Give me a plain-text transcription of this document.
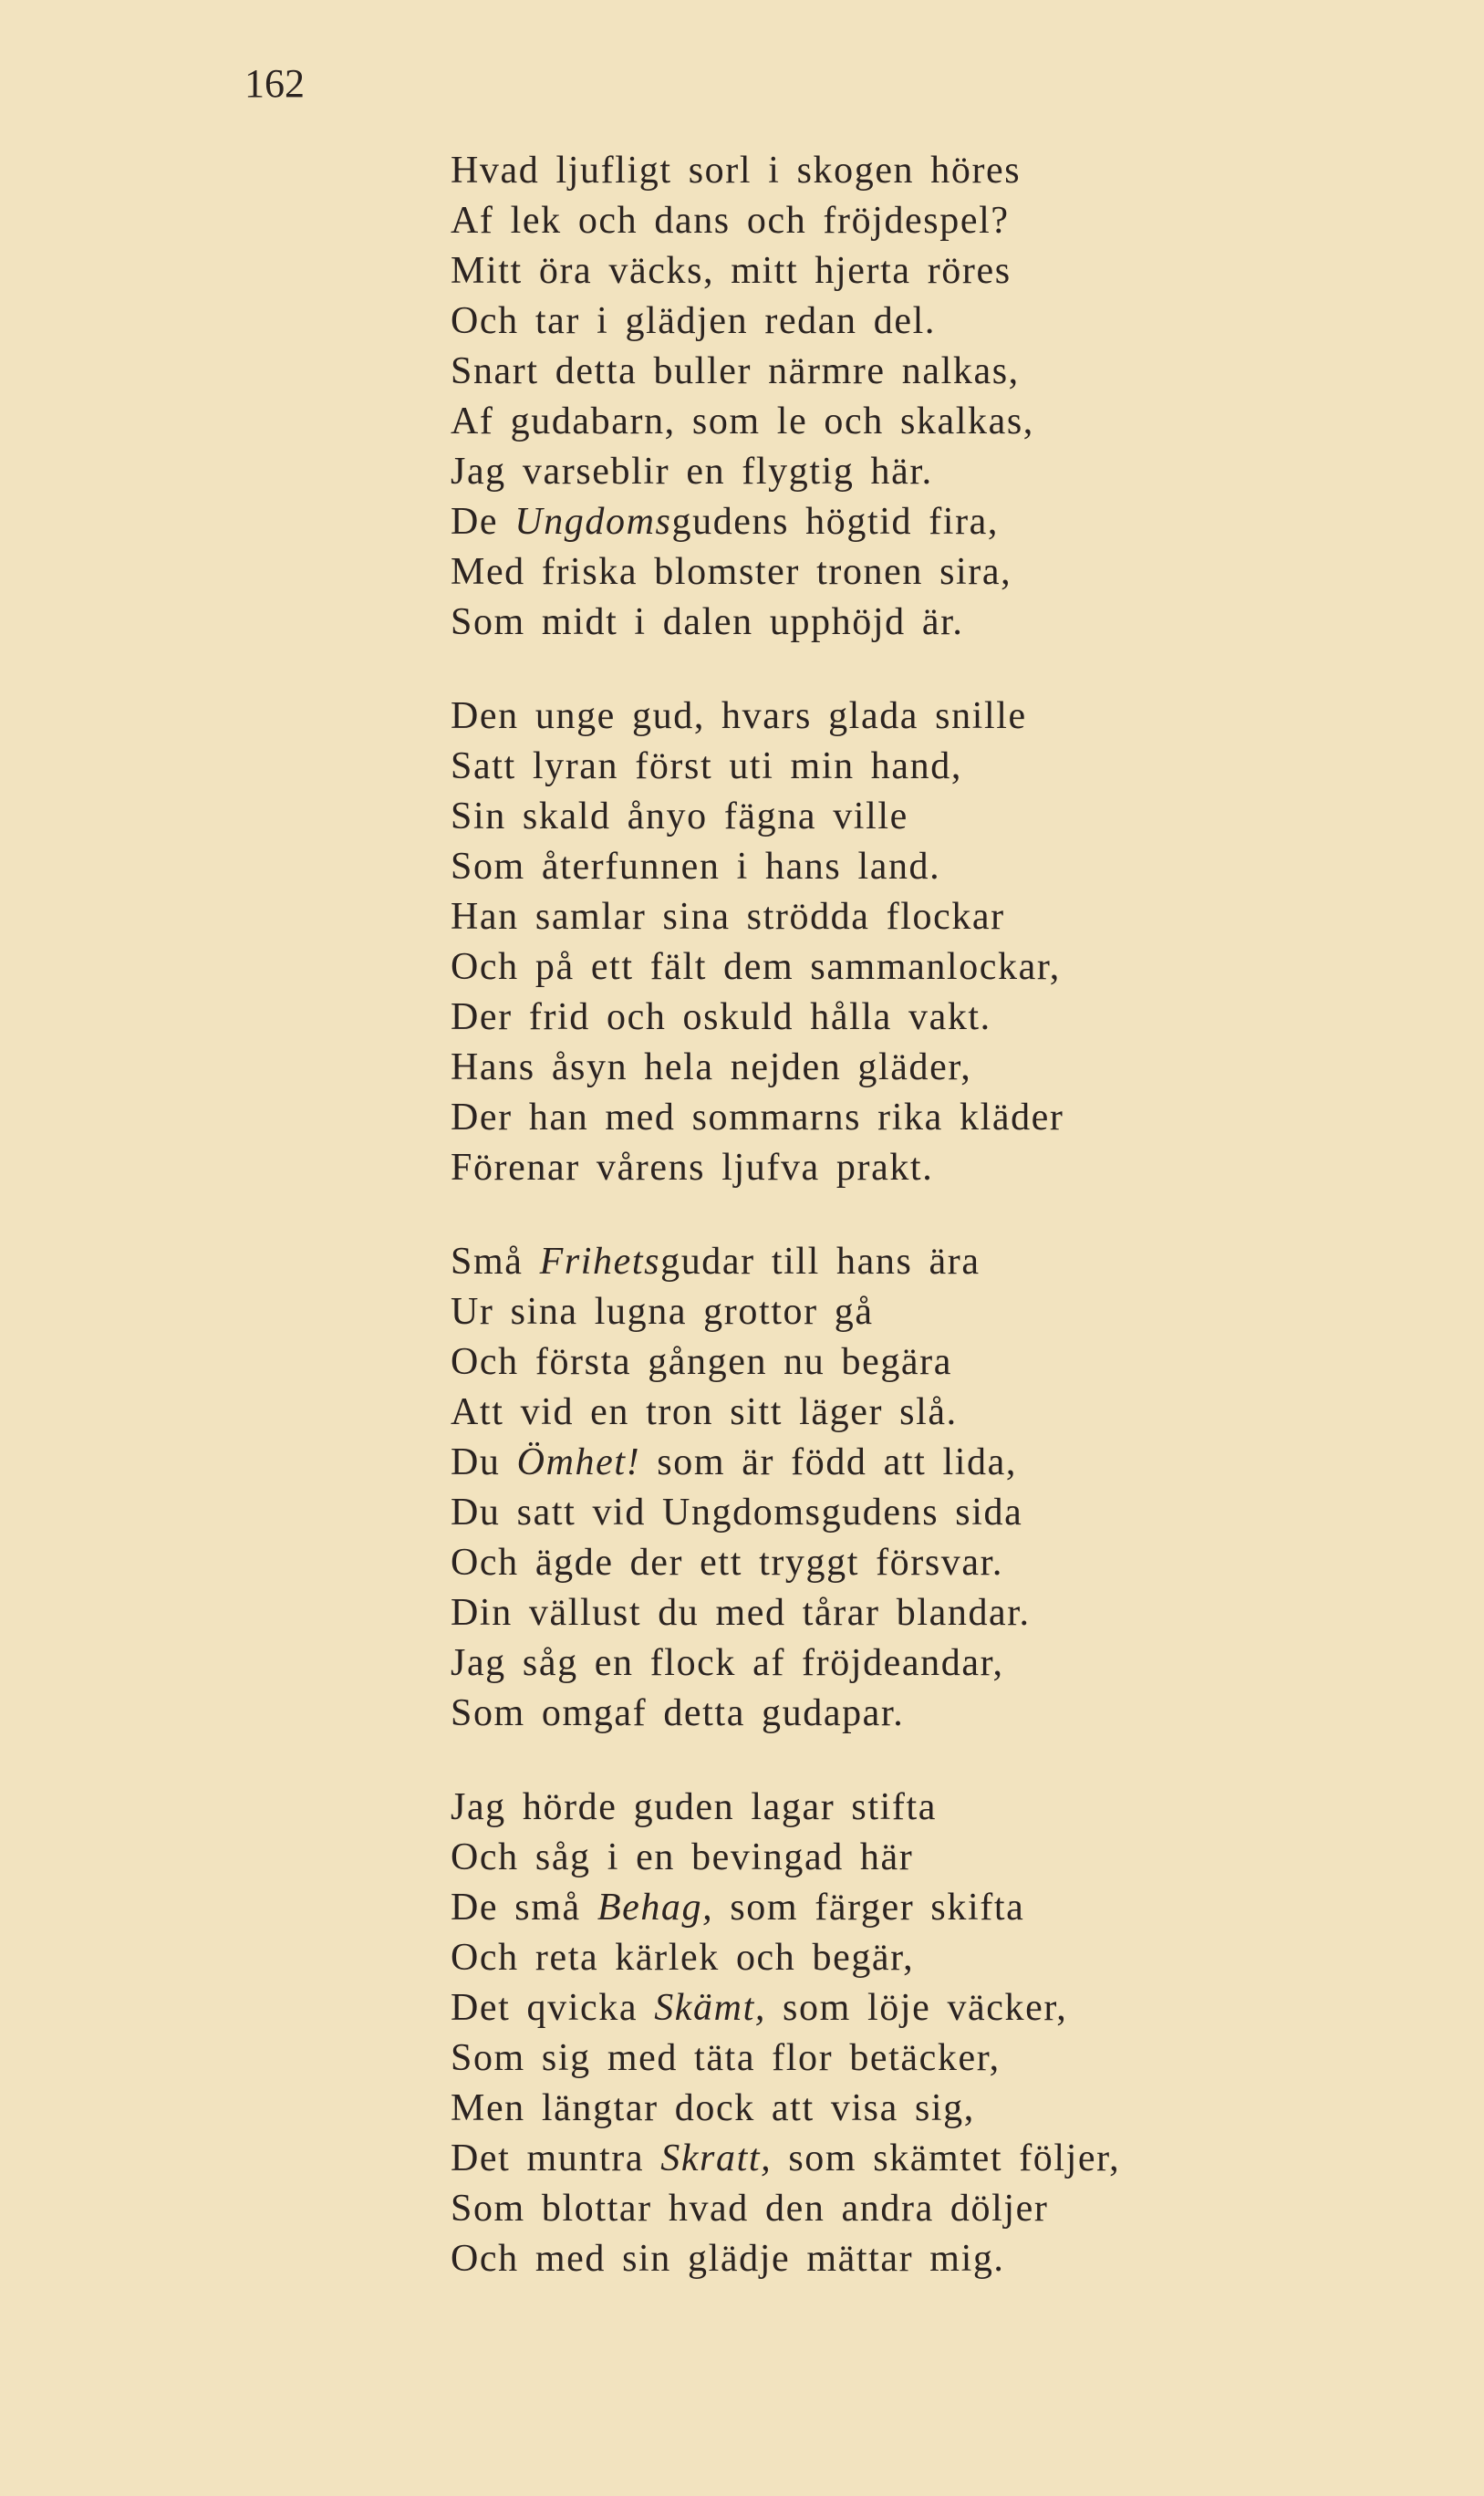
162
Hvad ljufligt sorl i skogen höres
Af lek och dans och fröjdespel?
Mitt öra väcks, mitt hjerta röres
Och tar i glädjen redan del.
Snart detta buller närmre nalkas,
Af gudabarn, som le och skalkas,
Jag varseblir en flygtig här.
De Ungdomsgudens högtid fira,
Med friska blomster tronen sira,
Som midt i dalen upphöjd är.
Den unge gud, hvars glada snille
Satt lyran först uti min hand,
Sin skald ånyo fägna ville
Som återfunnen i hans land.
Han samlar sina strödda flockar
Och på ett fält dem sammanlockar,
Der frid och oskuld hålla vakt.
Hans åsyn hela nejden gläder,
Der han med sommarns rika kläder
Förenar vårens ljufva prakt.
Små Frihetsgudar till hans ära
Ur sina lugna grottor gå
Och första gången nu begära
Att vid en tron sitt läger slå.
Du Ömhet! som är född att lida,
Du satt vid Ungdomsgudens sida
Och ägde der ett tryggt försvar.
Din vällust du med tårar blandar.
Jag såg en flock af fröjdeandar,
Som omgaf detta gudapar.
Jag hörde guden lagar stifta
Och såg i en bevingad här
De små Behag, som färger skifta
Och reta kärlek och begär,
Det qvicka Skämt, som löje väcker,
Som sig med täta flor betäcker,
Men längtar dock att visa sig,
Det muntra Skratt, som skämtet följer,
Som blottar hvad den andra döljer
Och med sin glädje mättar mig.
